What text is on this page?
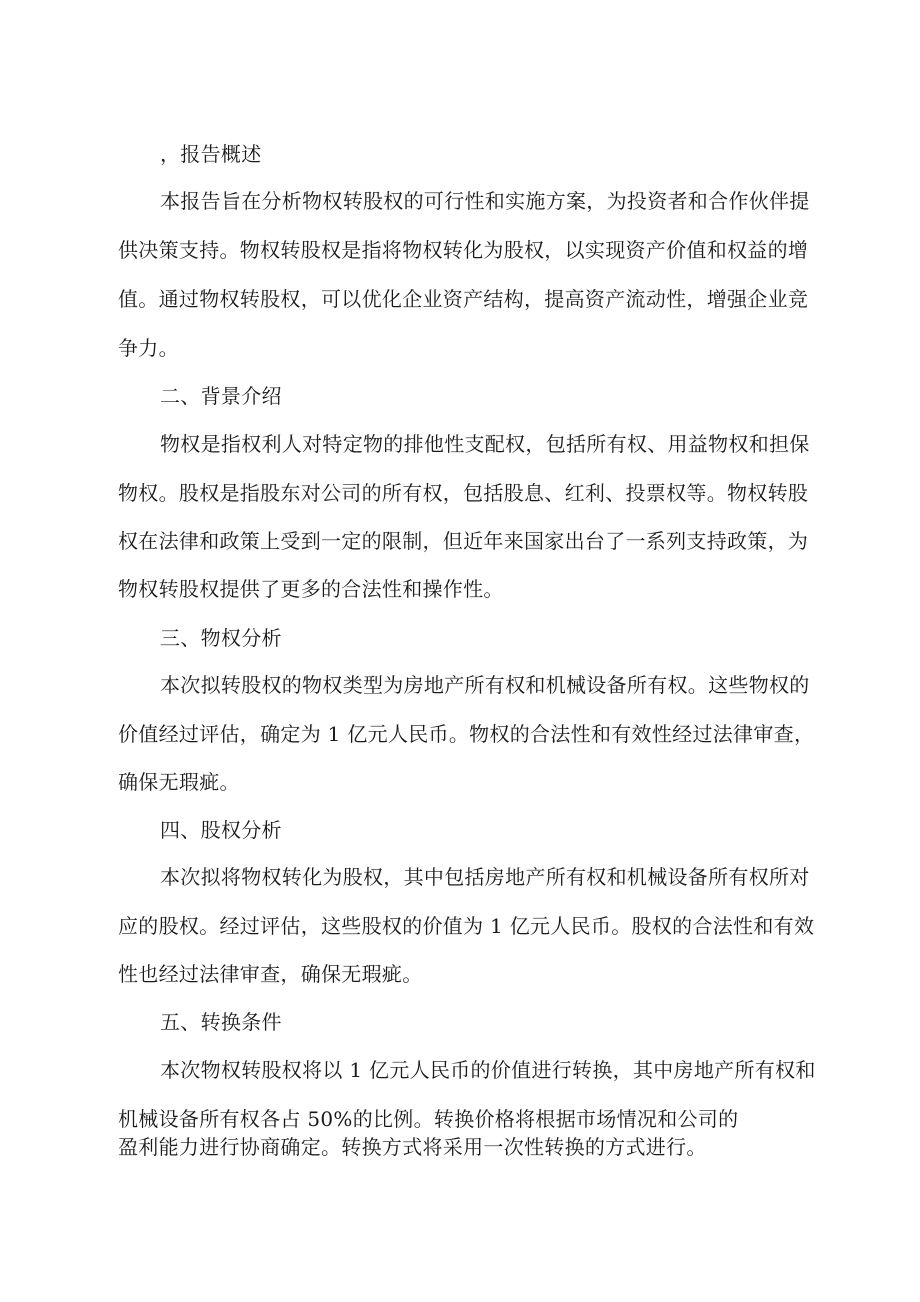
，报告概述
本报告旨在分析物权转股权的可行性和实施方案，为投资者和合作伙伴提
供决策支持。物权转股权是指将物权转化为股权，以实现资产价值和权益的增
值。通过物权转股权，可以优化企业资产结构，提高资产流动性，增强企业竞
争力。
二、背景介绍
物权是指权利人对特定物的排他性支配权，包括所有权、用益物权和担保
物权。股权是指股东对公司的所有权，包括股息、红利、投票权等。物权转股
权在法律和政策上受到一定的限制，但近年来国家出台了一系列支持政策，为
物权转股权提供了更多的合法性和操作性。
三、物权分析
本次拟转股权的物权类型为房地产所有权和机械设备所有权。这些物权的
价值经过评估，确定为 1 亿元人民币。物权的合法性和有效性经过法律审查，
确保无瑕疵。
四、股权分析
本次拟将物权转化为股权，其中包括房地产所有权和机械设备所有权所对
应的股权。经过评估，这些股权的价值为 1 亿元人民币。股权的合法性和有效
性也经过法律审查，确保无瑕疵。
五、转换条件
本次物权转股权将以 1 亿元人民币的价值进行转换，其中房地产所有权和
机械设备所有权各占 50%的比例。转换价格将根据市场情况和公司的
盈利能力进行协商确定。转换方式将采用一次性转换的方式进行。
